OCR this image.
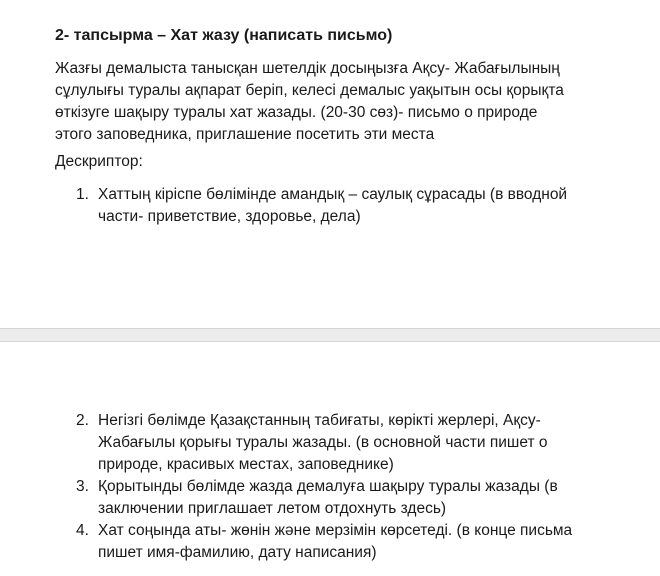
2- тапсырма – Хат жазу (написать письмо)

Жазғы демалыста танысқан шетелдік досыңызға Ақсу- Жабағылының
сұлулығы туралы ақпарат беріп, келесі демалыс уақытын осы қорықта
өткізуге шақыру туралы хат жазады. (20-30 сөз)- письмо о природе
этого заповедника, приглашение посетить эти места

Дескриптор:

1. Хаттың кіріспе бөлімінде амандық – саулық сұрасады (в вводной
части- приветствие, здоровье, дела)
2. Негізгі бөлімде Қазақстанның табиғаты, көрікті жерлері, Ақсу-
Жабағылы қорығы туралы жазады. (в основной части пишет о
природе, красивых местах, заповеднике)
3. Қорытынды бөлімде жазда демалуға шақыру туралы жазады (в
заключении приглашает летом отдохнуть здесь)
4. Хат соңында аты- жөнін және мерзімін көрсетеді. (в конце письма
пишет имя-фамилию, дату написания)
